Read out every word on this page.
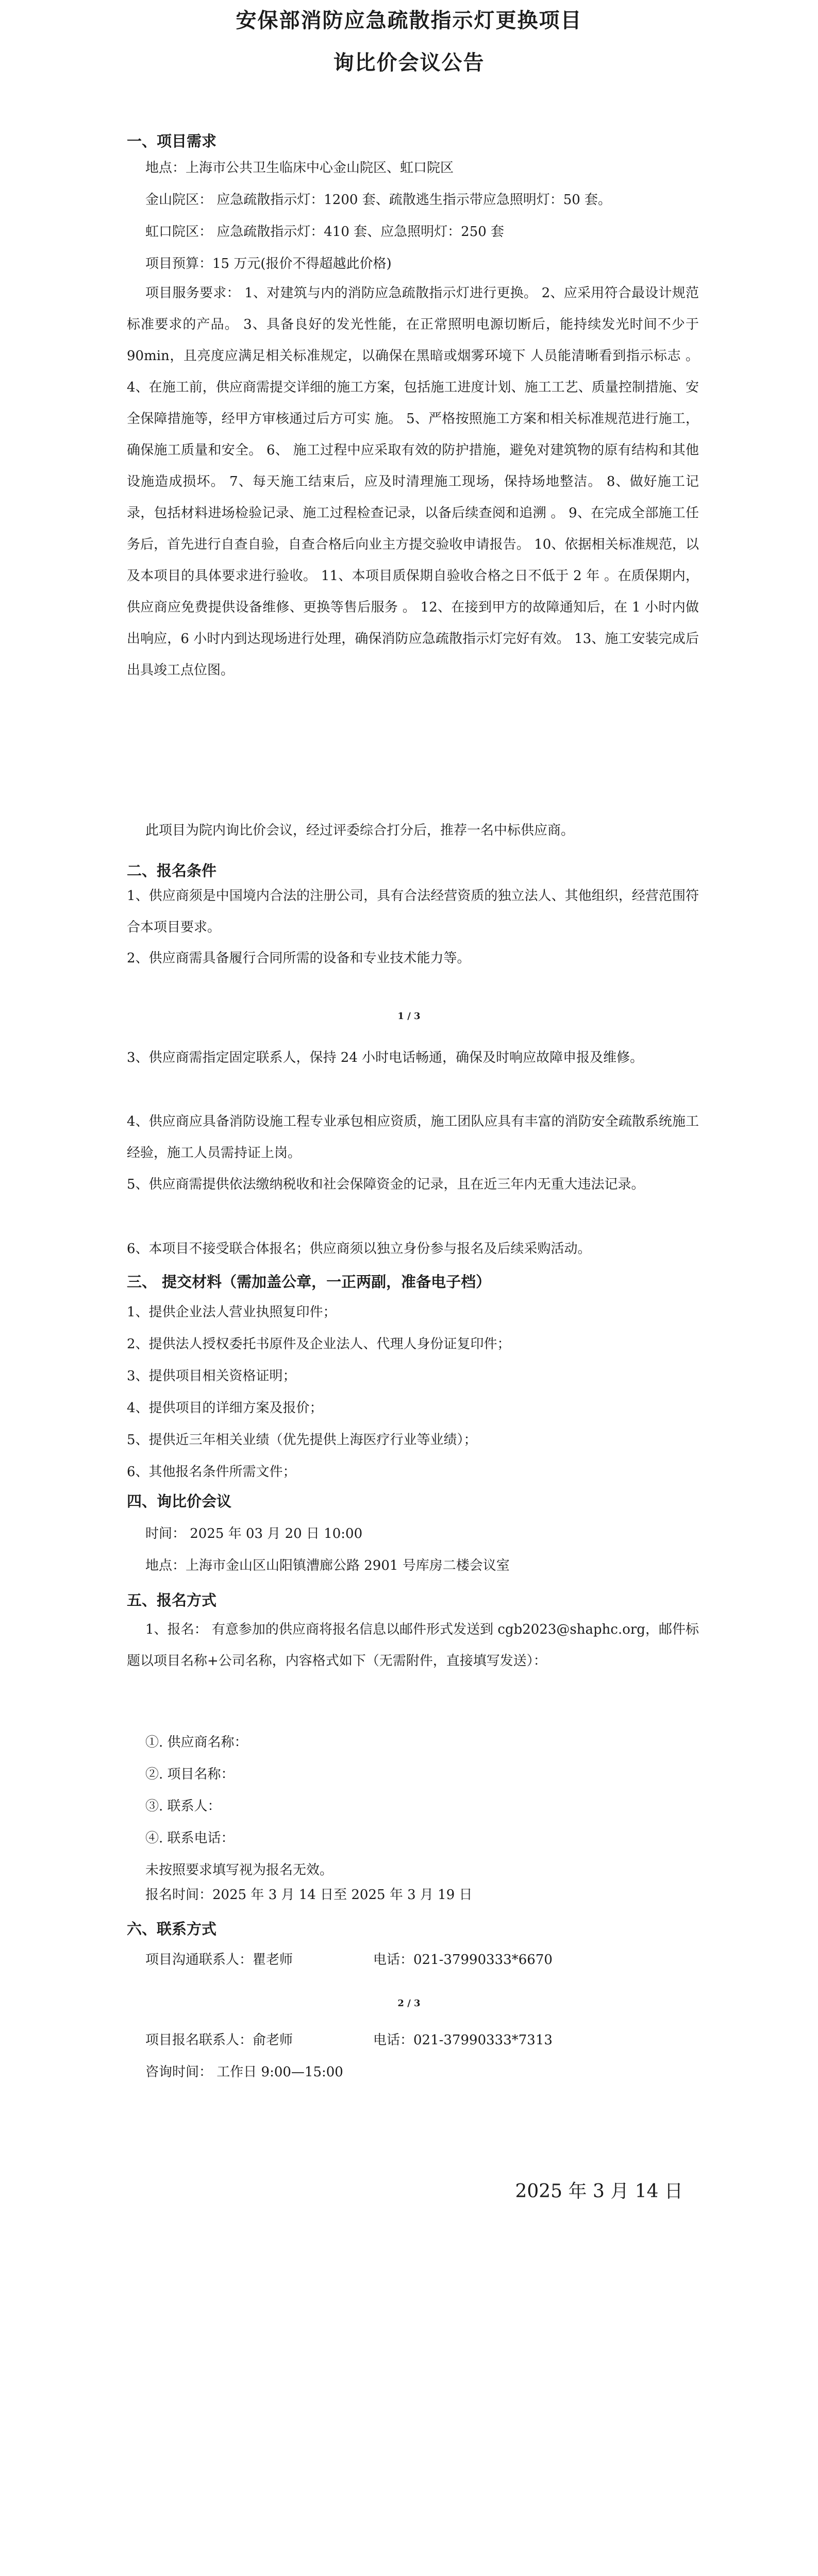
安保部消防应急疏散指示灯更换项目
询比价会议公告
一、项目需求
地点：上海市公共卫生临床中心金山院区、虹口院区
金山院区： 应急疏散指示灯：1200 套、疏散逃生指示带应急照明灯：50 套。
虹口院区： 应急疏散指示灯：410 套、应急照明灯：250 套
项目预算：15 万元(报价不得超越此价格)
项目服务要求： 1、对建筑与内的消防应急疏散指示灯进行更换。 2、应采用符合最设计规范标准要求的产品。 3、具备良好的发光性能，在正常照明电源切断后，能持续发光时间不少于 90min，且亮度应满足相关标准规定，以确保在黑暗或烟雾环境下 人员能清晰看到指示标志 。 4、在施工前，供应商需提交详细的施工方案，包括施工进度计划、施工工艺、质量控制措施、安全保障措施等，经甲方审核通过后方可实 施。 5、严格按照施工方案和相关标准规范进行施工，确保施工质量和安全。 6、 施工过程中应采取有效的防护措施，避免对建筑物的原有结构和其他设施造成损坏。 7、每天施工结束后，应及时清理施工现场，保持场地整洁。 8、做好施工记录，包括材料进场检验记录、施工过程检查记录，以备后续查阅和追溯 。 9、在完成全部施工任务后，首先进行自查自验，自查合格后向业主方提交验收申请报告。 10、依据相关标准规范，以及本项目的具体要求进行验收。 11、本项目质保期自验收合格之日不低于 2 年 。在质保期内，供应商应免费提供设备维修、更换等售后服务 。 12、在接到甲方的故障通知后，在 1 小时内做出响应，6 小时内到达现场进行处理，确保消防应急疏散指示灯完好有效。 13、施工安装完成后出具竣工点位图。
此项目为院内询比价会议，经过评委综合打分后，推荐一名中标供应商。
二、报名条件
1、供应商须是中国境内合法的注册公司，具有合法经营资质的独立法人、其他组织，经营范围符合本项目要求。
2、供应商需具备履行合同所需的设备和专业技术能力等。
1 / 3
3、供应商需指定固定联系人，保持 24 小时电话畅通，确保及时响应故障申报及维修。
4、供应商应具备消防设施工程专业承包相应资质，施工团队应具有丰富的消防安全疏散系统施工经验，施工人员需持证上岗。
5、供应商需提供依法缴纳税收和社会保障资金的记录，且在近三年内无重大违法记录。
6、本项目不接受联合体报名；供应商须以独立身份参与报名及后续采购活动。
三、 提交材料（需加盖公章，一正两副，准备电子档）
1、提供企业法人营业执照复印件；
2、提供法人授权委托书原件及企业法人、代理人身份证复印件；
3、提供项目相关资格证明；
4、提供项目的详细方案及报价；
5、提供近三年相关业绩（优先提供上海医疗行业等业绩）；
6、其他报名条件所需文件；
四、询比价会议
时间： 2025 年 03 月 20 日 10:00
地点：上海市金山区山阳镇漕廊公路 2901 号库房二楼会议室
五、报名方式
1、报名： 有意参加的供应商将报名信息以邮件形式发送到 cgb2023@shaphc.org，邮件标题以项目名称+公司名称，内容格式如下（无需附件，直接填写发送）：
①. 供应商名称：
②. 项目名称：
③. 联系人：
④. 联系电话：
未按照要求填写视为报名无效。
报名时间：2025 年 3 月 14 日至 2025 年 3 月 19 日
六、联系方式
项目沟通联系人：瞿老师	电话：021-37990333*6670
2 / 3
项目报名联系人：俞老师	电话：021-37990333*7313
咨询时间： 工作日 9:00—15:00
2025 年 3 月 14 日
